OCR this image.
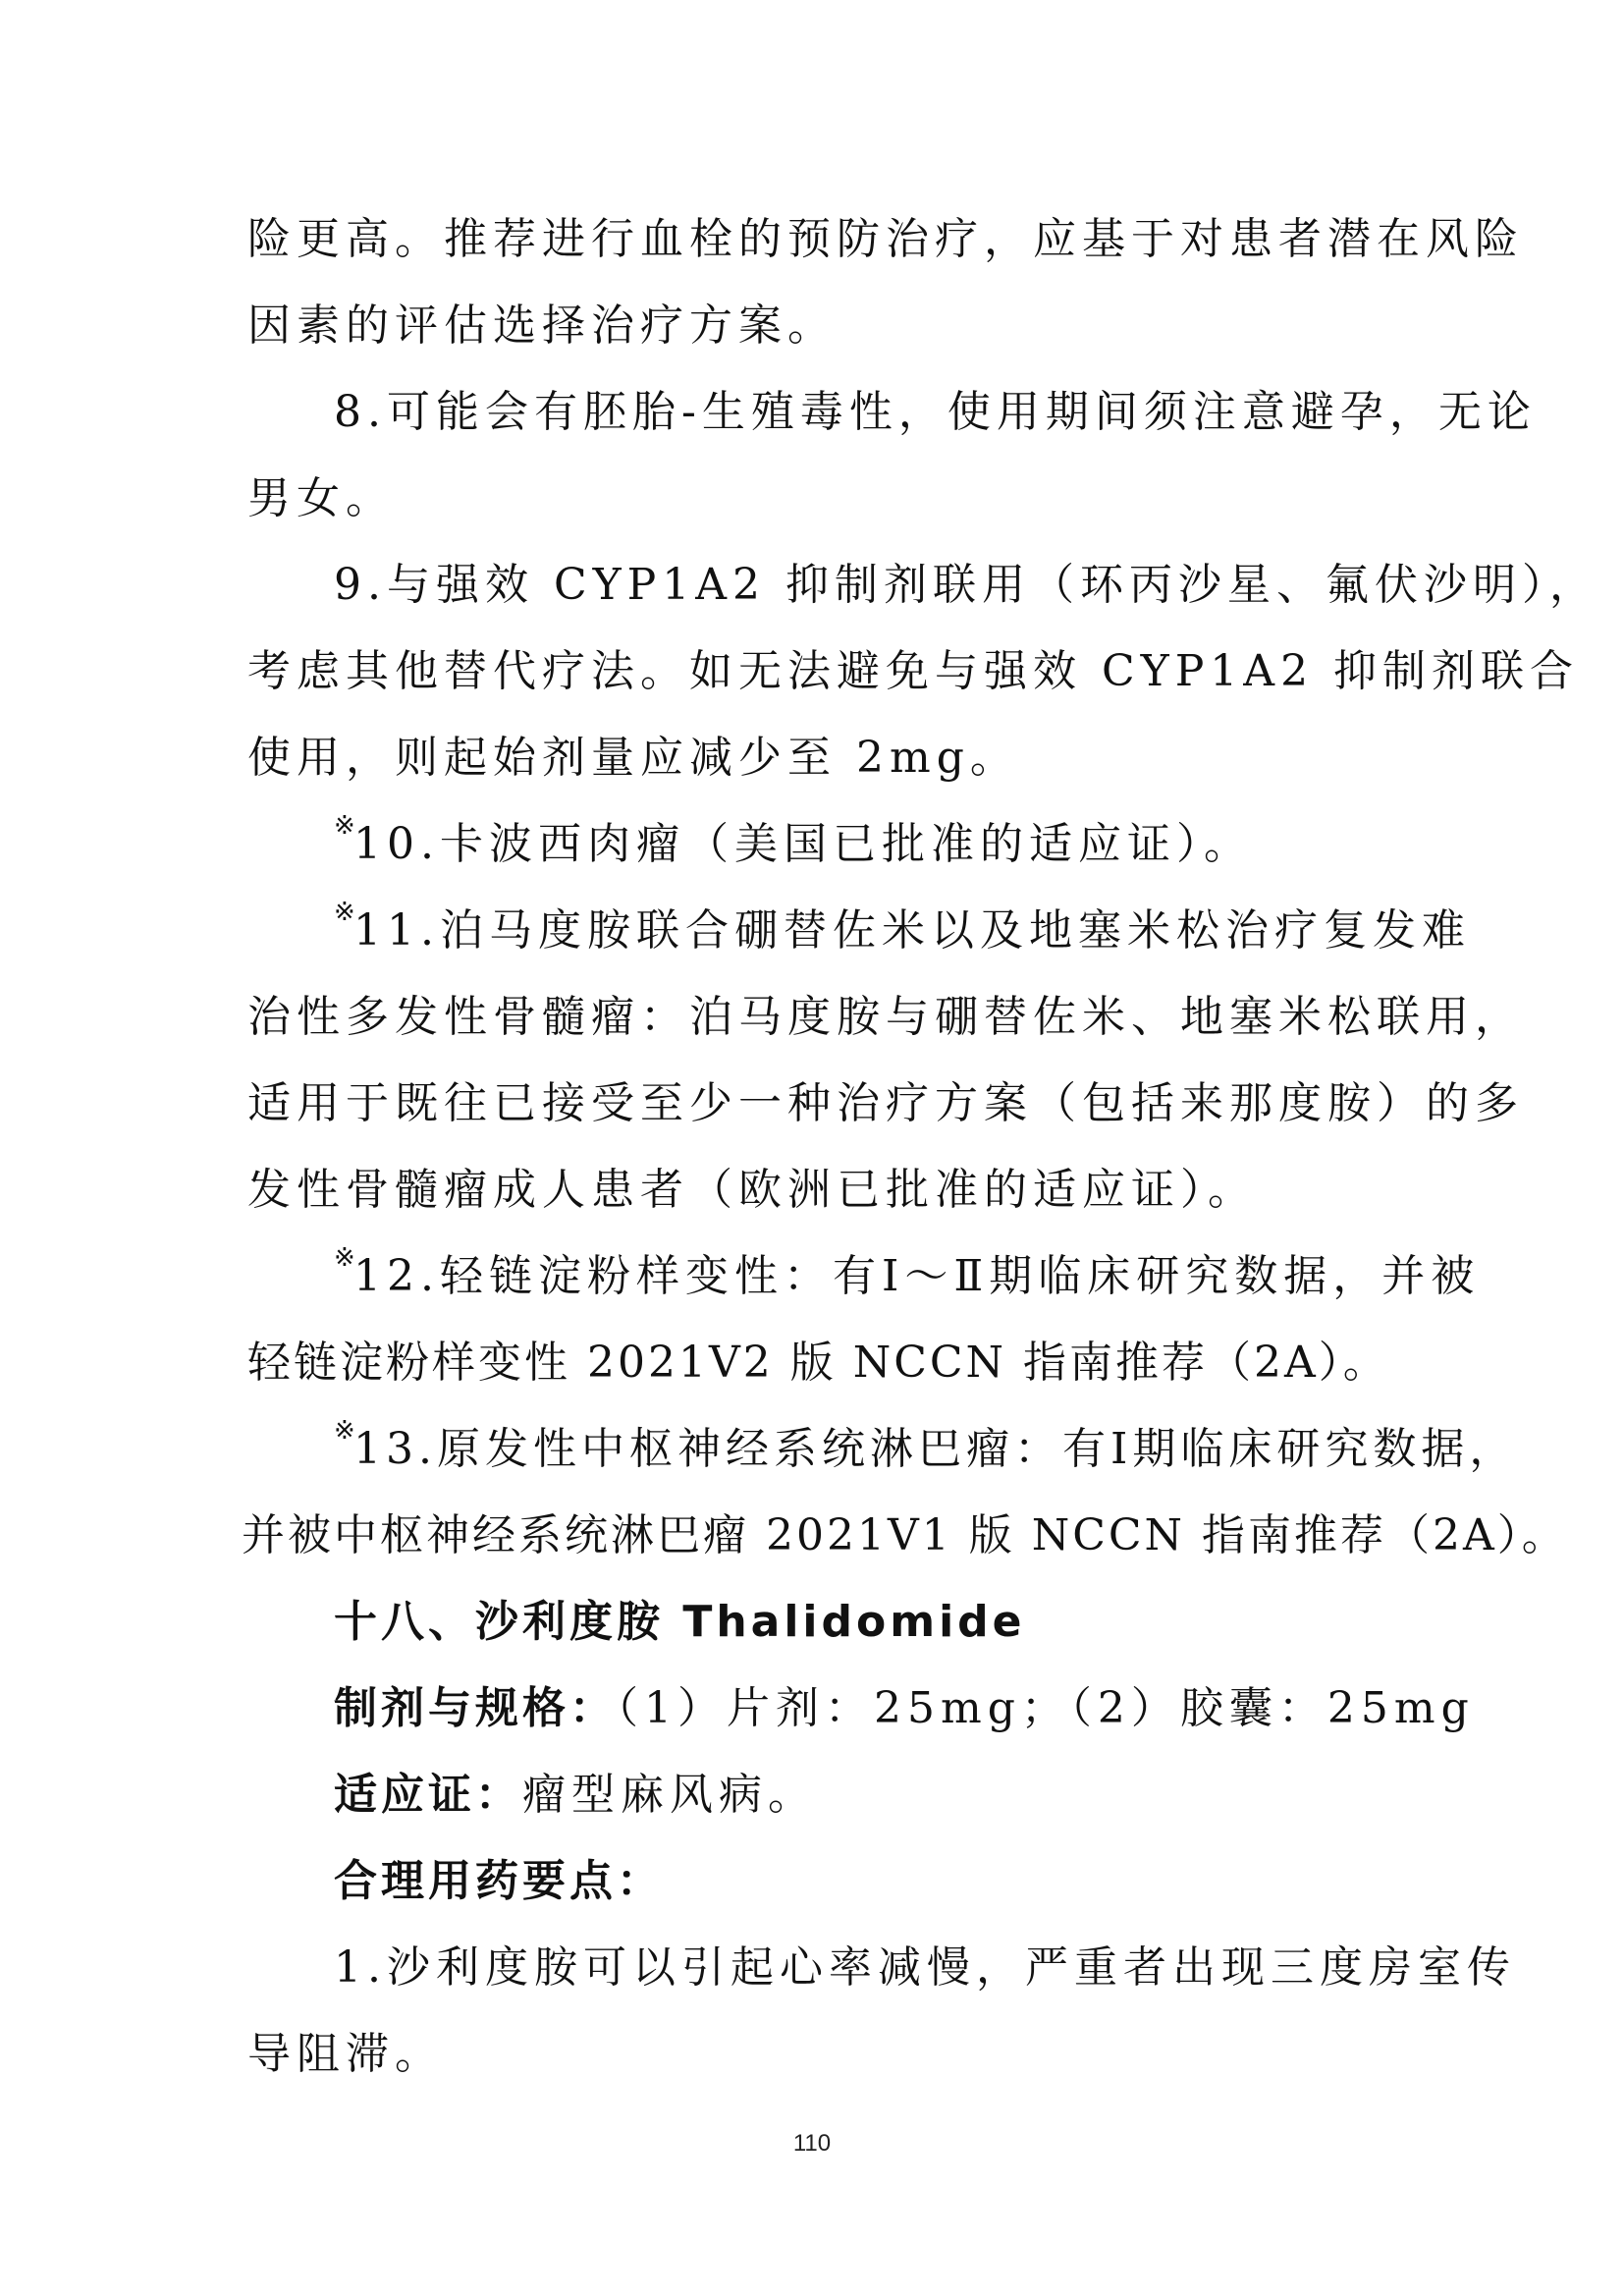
险更高。推荐进行血栓的预防治疗，应基于对患者潜在风险
因素的评估选择治疗方案。
8.可能会有胚胎-生殖毒性，使用期间须注意避孕，无论
男女。
9.与强效 CYP1A2 抑制剂联用（环丙沙星、氟伏沙明），
考虑其他替代疗法。如无法避免与强效 CYP1A2 抑制剂联合
使用，则起始剂量应减少至 2mg。
※
10.卡波西肉瘤（美国已批准的适应证）。
※
11.泊马度胺联合硼替佐米以及地塞米松治疗复发难
治性多发性骨髓瘤：泊马度胺与硼替佐米、地塞米松联用，
适用于既往已接受至少一种治疗方案（包括来那度胺）的多
发性骨髓瘤成人患者（欧洲已批准的适应证）。
※
12.轻链淀粉样变性：有Ⅰ～Ⅱ期临床研究数据，并被
轻链淀粉样变性 2021V2 版 NCCN 指南推荐（2A）。
※
13.原发性中枢神经系统淋巴瘤：有Ⅰ期临床研究数据，
并被中枢神经系统淋巴瘤 2021V1 版 NCCN 指南推荐（2A）。
十八、沙利度胺 Thalidomide
制剂与规格：（1）片剂：25mg；（2）胶囊：25mg
适应证：瘤型麻风病。
合理用药要点：
1.沙利度胺可以引起心率减慢，严重者出现三度房室传
导阻滞。
110
